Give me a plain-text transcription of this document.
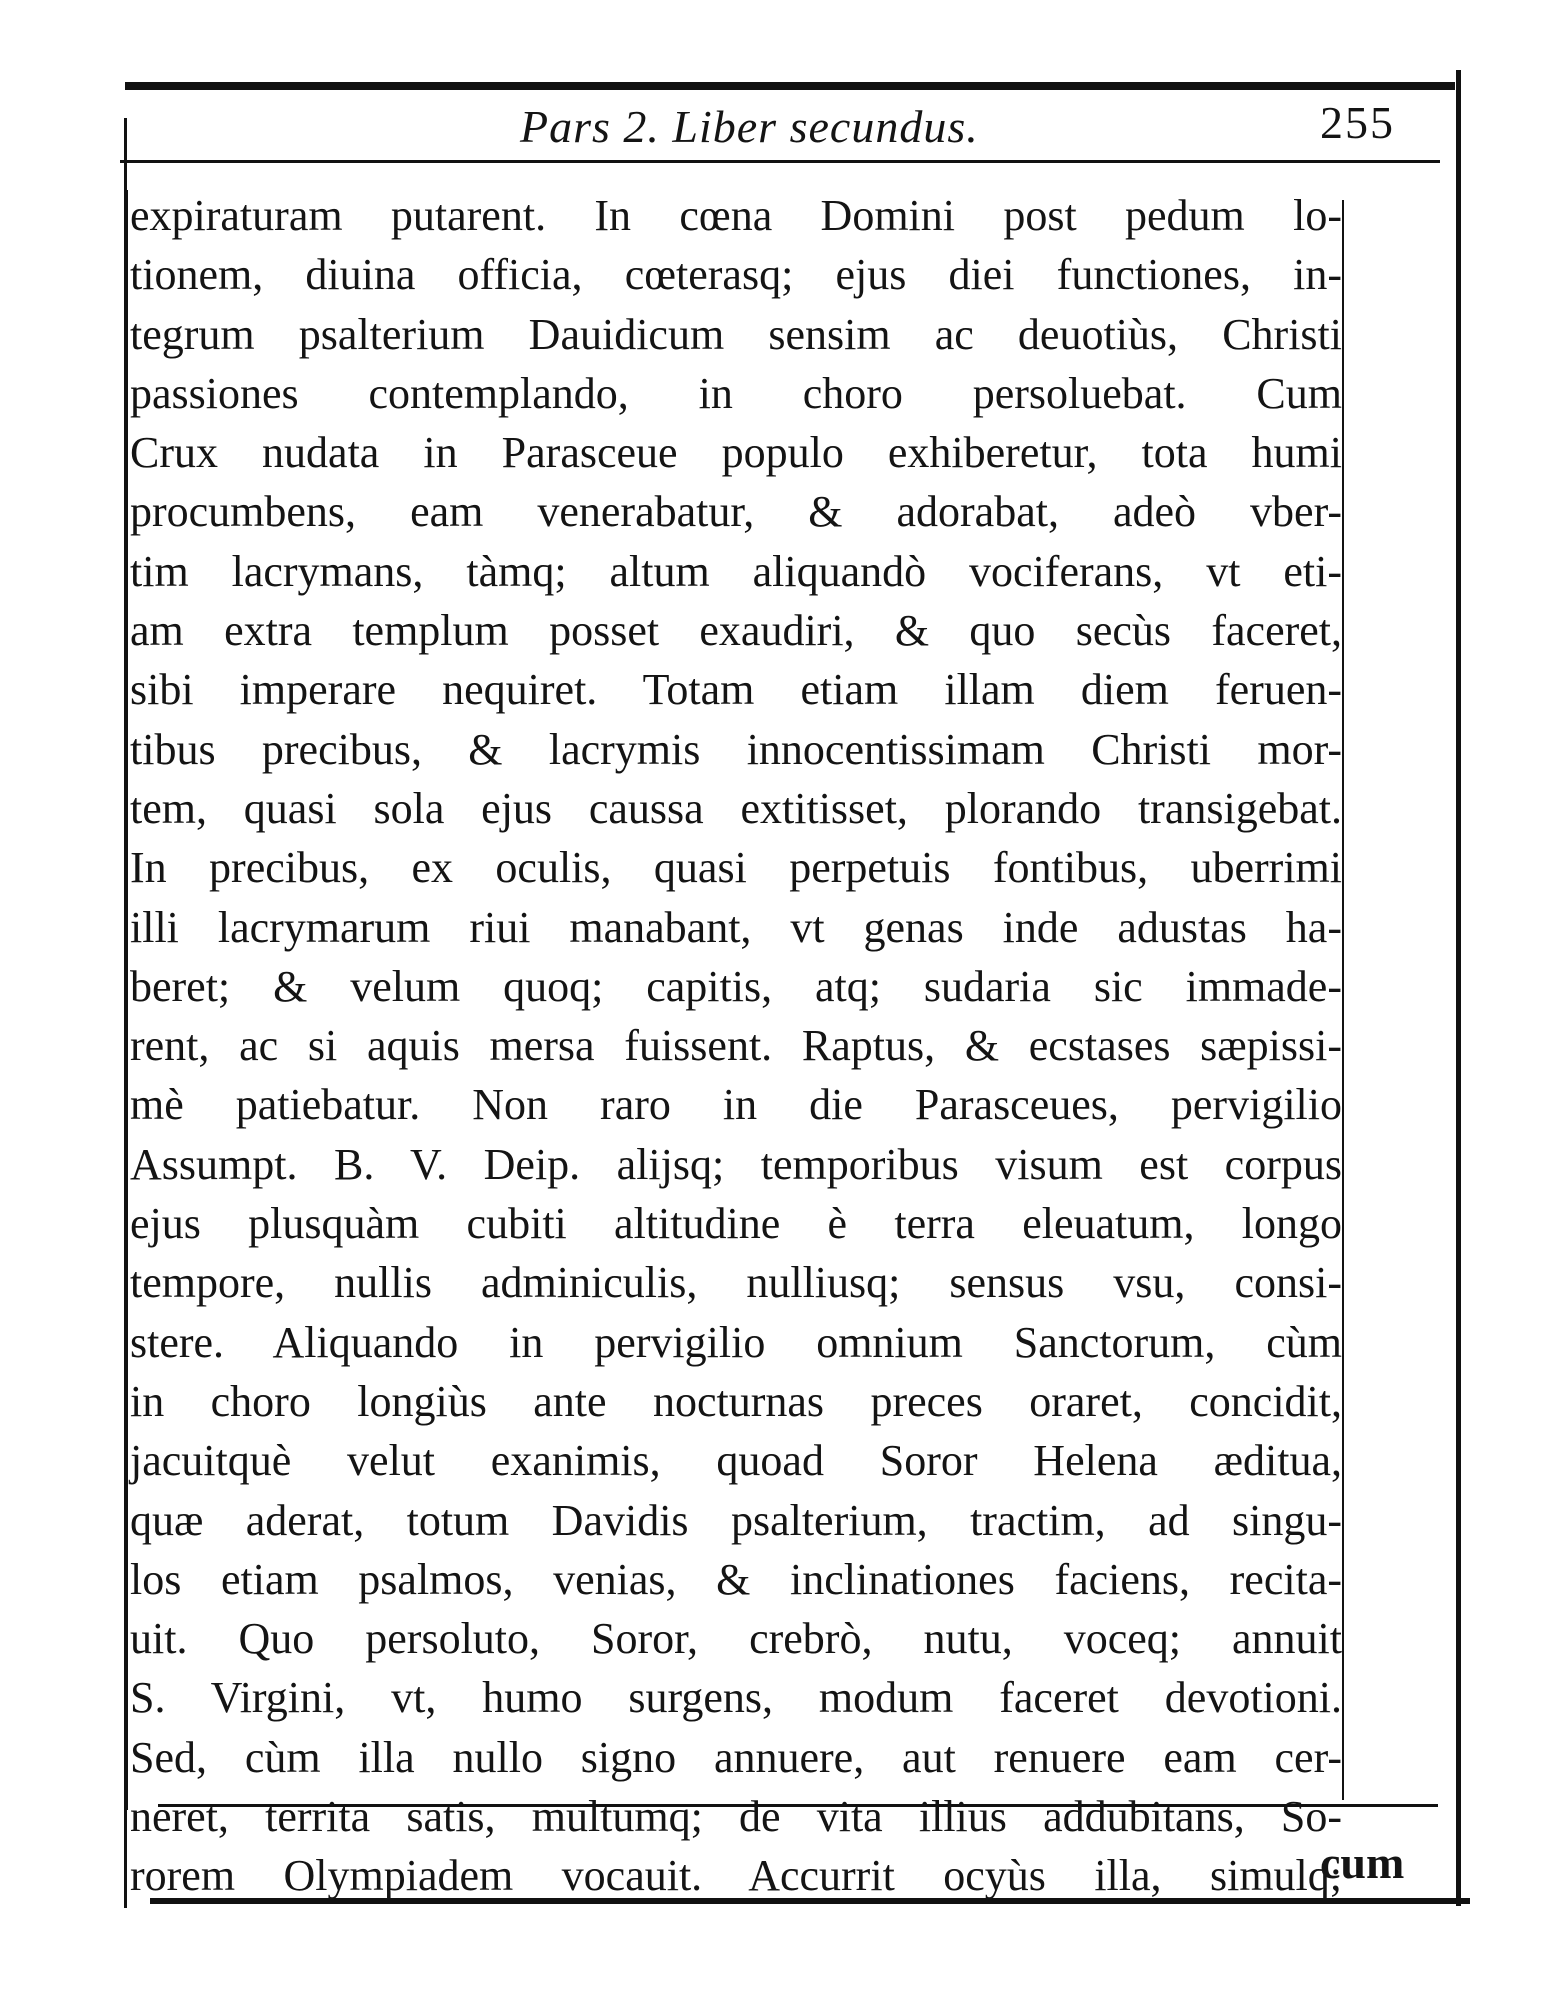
Pars 2. Liber secundus.	255
expiraturam putarent. In cœna Domini post pedum lo-
tionem, diuina officia, cœterasq; ejus diei functiones, in-
tegrum psalterium Dauidicum sensim ac deuotiùs, Christi
passiones contemplando, in choro persoluebat. Cum
Crux nudata in Parasceue populo exhiberetur, tota humi
procumbens, eam venerabatur, & adorabat, adeò vber-
tim lacrymans, tàmq; altum aliquandò vociferans, vt eti-
am extra templum posset exaudiri, & quo secùs faceret,
sibi imperare nequiret. Totam etiam illam diem feruen-
tibus precibus, & lacrymis innocentissimam Christi mor-
tem, quasi sola ejus caussa extitisset, plorando transigebat.
In precibus, ex oculis, quasi perpetuis fontibus, uberrimi
illi lacrymarum riui manabant, vt genas inde adustas ha-
beret; & velum quoq; capitis, atq; sudaria sic immade-
rent, ac si aquis mersa fuissent. Raptus, & ecstases sæpissi-
mè patiebatur. Non raro in die Parasceues, pervigilio
Assumpt. B. V. Deip. alijsq; temporibus visum est corpus
ejus plusquàm cubiti altitudine è terra eleuatum, longo
tempore, nullis adminiculis, nulliusq; sensus vsu, consi-
stere. Aliquando in pervigilio omnium Sanctorum, cùm
in choro longiùs ante nocturnas preces oraret, concidit,
jacuitquè velut exanimis, quoad Soror Helena æditua,
quæ aderat, totum Davidis psalterium, tractim, ad singu-
los etiam psalmos, venias, & inclinationes faciens, recita-
uit. Quo persoluto, Soror, crebrò, nutu, voceq; annuit
S. Virgini, vt, humo surgens, modum faceret devotioni.
Sed, cùm illa nullo signo annuere, aut renuere eam cer-
neret, territa satis, multumq; de vita illius addubitans, So-
rorem Olympiadem vocauit. Accurrit ocyùs illa, simulq;
cum
